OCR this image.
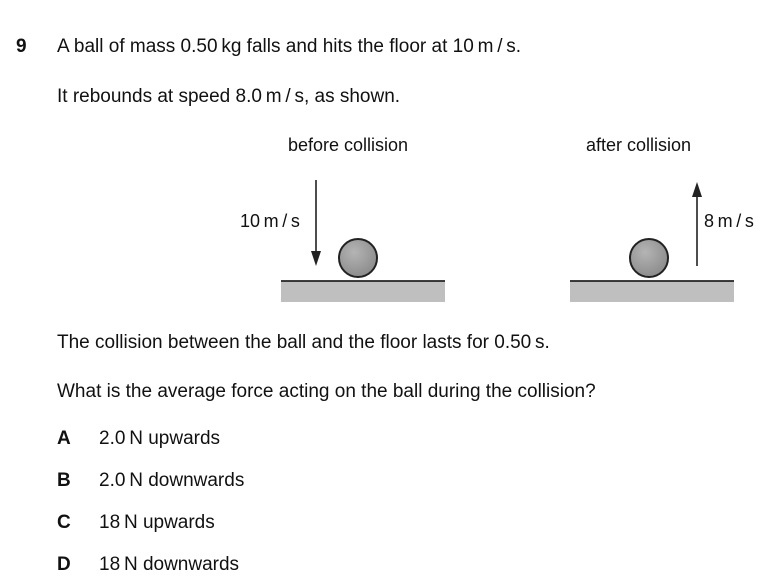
9 A ball of mass 0.50 kg falls and hits the floor at 10 m / s.
It rebounds at speed 8.0 m / s, as shown.
before collision	after collision
10 m / s	8 m / s
The collision between the ball and the floor lasts for 0.50 s.
What is the average force acting on the ball during the collision?
A 2.0 N upwards
B 2.0 N downwards
C 18 N upwards
D 18 N downwards
